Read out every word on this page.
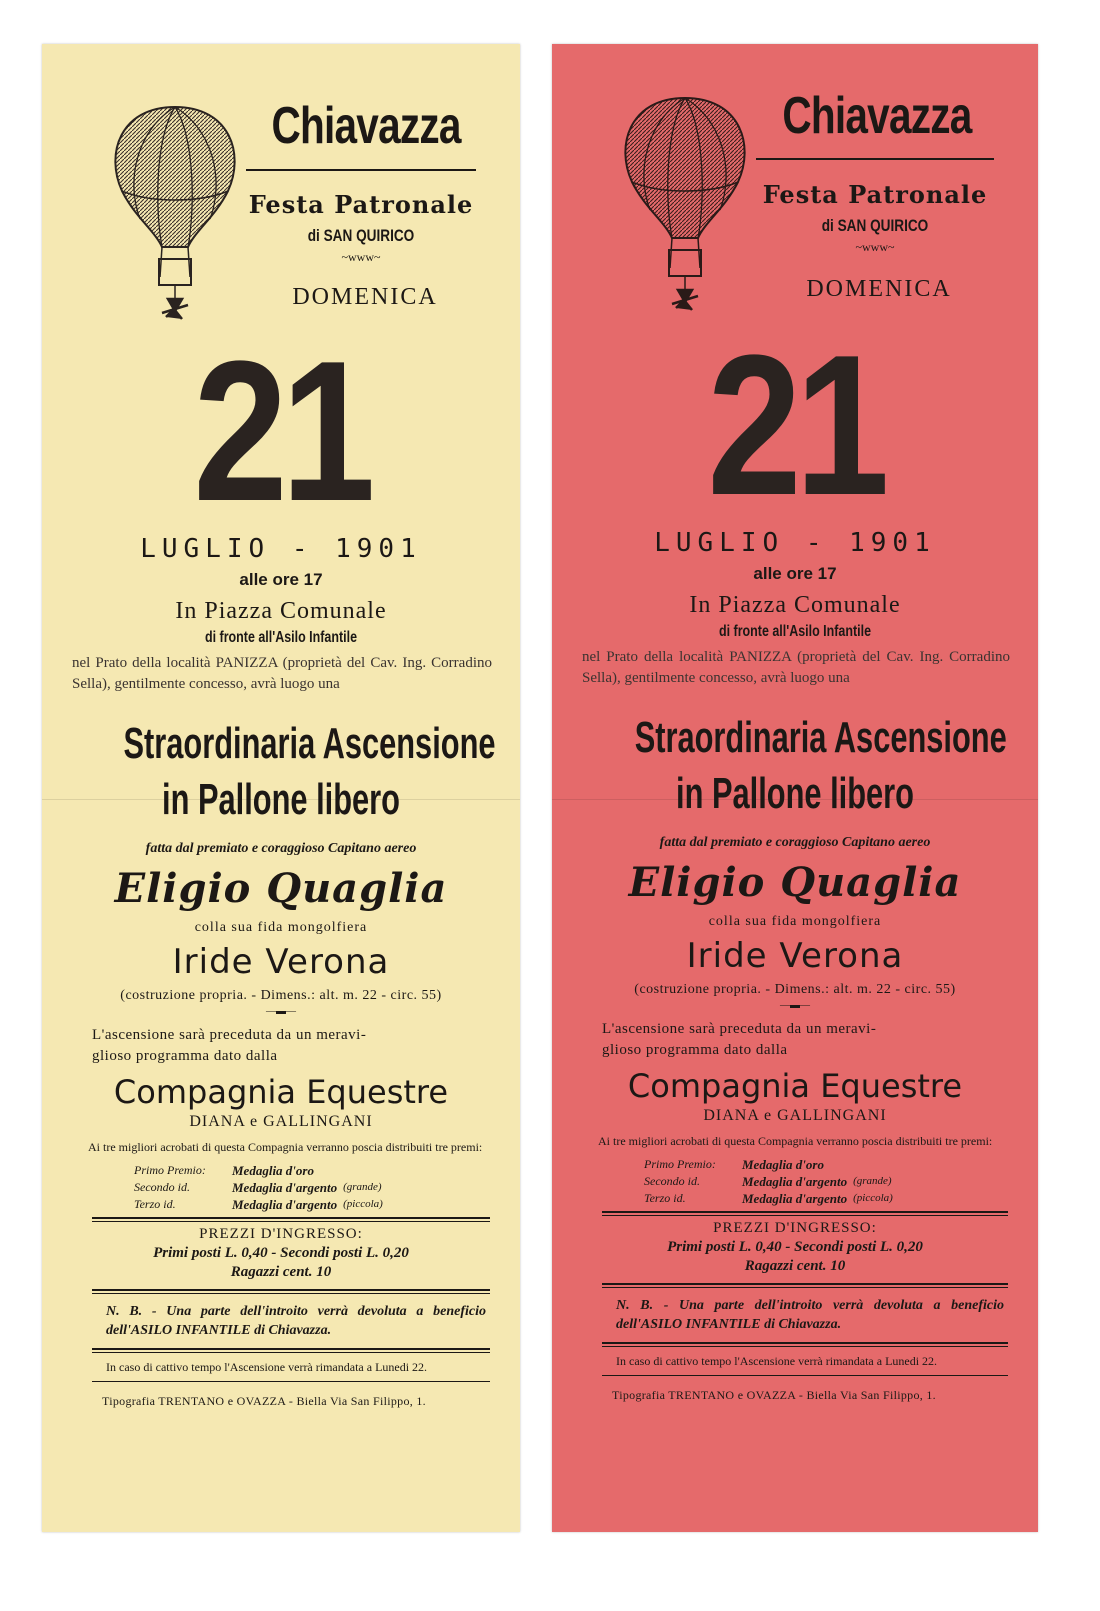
Chiavazza
Festa Patronale
di SAN QUIRICO
~www~
DOMENICA
21
LUGLIO - 1901
alle ore 17
In Piazza Comunale
di fronte all'Asilo Infantile
nel Prato della località PANIZZA (proprietà del Cav. Ing. Corradino Sella), gentilmente concesso, avrà luogo una
Straordinaria Ascensione
in Pallone libero
fatta dal premiato e coraggioso Capitano aereo
Eligio Quaglia
colla sua fida mongolfiera
Iride Verona
(costruzione propria. - Dimens.: alt. m. 22 - circ. 55)
—▬—
L'ascensione sarà preceduta da un meravi-
glioso programma dato dalla
Compagnia Equestre
DIANA e GALLINGANI
Ai tre migliori acrobati di questa Compagnia verranno poscia distribuiti tre premi:
Primo Premio:	Medaglia d'oro
Secondo id.	Medaglia d'argento (grande)
Terzo id.	Medaglia d'argento (piccola)
PREZZI D'INGRESSO:
Primi posti L. 0,40 - Secondi posti L. 0,20
Ragazzi cent. 10
N. B. - Una parte dell'introito verrà devoluta a beneficio dell'ASILO INFANTILE di Chiavazza.
In caso di cattivo tempo l'Ascensione verrà rimandata a Lunedi 22.
Tipografia TRENTANO e OVAZZA - Biella Via San Filippo, 1.
Chiavazza
Festa Patronale
di SAN QUIRICO
~www~
DOMENICA
21
LUGLIO - 1901
alle ore 17
In Piazza Comunale
di fronte all'Asilo Infantile
nel Prato della località PANIZZA (proprietà del Cav. Ing. Corradino Sella), gentilmente concesso, avrà luogo una
Straordinaria Ascensione
in Pallone libero
fatta dal premiato e coraggioso Capitano aereo
Eligio Quaglia
colla sua fida mongolfiera
Iride Verona
(costruzione propria. - Dimens.: alt. m. 22 - circ. 55)
—▬—
L'ascensione sarà preceduta da un meravi-
glioso programma dato dalla
Compagnia Equestre
DIANA e GALLINGANI
Ai tre migliori acrobati di questa Compagnia verranno poscia distribuiti tre premi:
Primo Premio:	Medaglia d'oro
Secondo id.	Medaglia d'argento (grande)
Terzo id.	Medaglia d'argento (piccola)
PREZZI D'INGRESSO:
Primi posti L. 0,40 - Secondi posti L. 0,20
Ragazzi cent. 10
N. B. - Una parte dell'introito verrà devoluta a beneficio dell'ASILO INFANTILE di Chiavazza.
In caso di cattivo tempo l'Ascensione verrà rimandata a Lunedi 22.
Tipografia TRENTANO e OVAZZA - Biella Via San Filippo, 1.
